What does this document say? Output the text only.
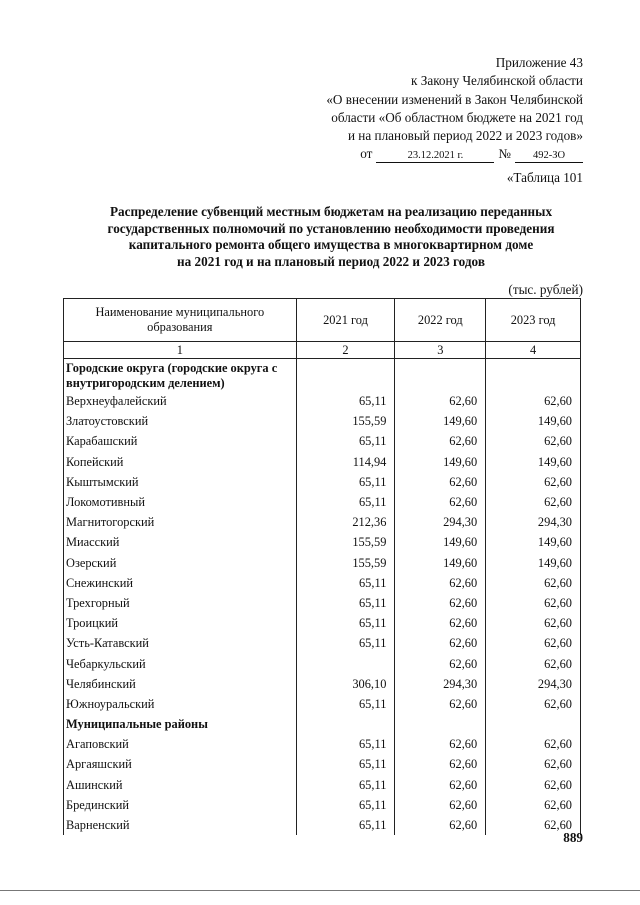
Приложение 43
к Закону Челябинской области
«О внесении изменений в Закон Челябинской
области «Об областном бюджете на 2021 год
и на плановый период 2022 и 2023 годов»
от	23.12.2021 г.	№	492-ЗО
«Таблица 101
Распределение субвенций местным бюджетам на реализацию переданных
государственных полномочий по установлению необходимости проведения
капитального ремонта общего имущества в многоквартирном доме
на 2021 год и на плановый период 2022 и 2023 годов
(тыс. рублей)
Наименование муниципального образования	2021 год	2022 год	2023 год
1	2	3	4
Городские округа (городские округа с внутригородским делением)			
Верхнеуфалейский	65,11	62,60	62,60
Златоустовский	155,59	149,60	149,60
Карабашский	65,11	62,60	62,60
Копейский	114,94	149,60	149,60
Кыштымский	65,11	62,60	62,60
Локомотивный	65,11	62,60	62,60
Магнитогорский	212,36	294,30	294,30
Миасский	155,59	149,60	149,60
Озерский	155,59	149,60	149,60
Снежинский	65,11	62,60	62,60
Трехгорный	65,11	62,60	62,60
Троицкий	65,11	62,60	62,60
Усть-Катавский	65,11	62,60	62,60
Чебаркульский		62,60	62,60
Челябинский	306,10	294,30	294,30
Южноуральский	65,11	62,60	62,60
Муниципальные районы			
Агаповский	65,11	62,60	62,60
Аргаяшский	65,11	62,60	62,60
Ашинский	65,11	62,60	62,60
Брединский	65,11	62,60	62,60
Варненский	65,11	62,60	62,60
889
